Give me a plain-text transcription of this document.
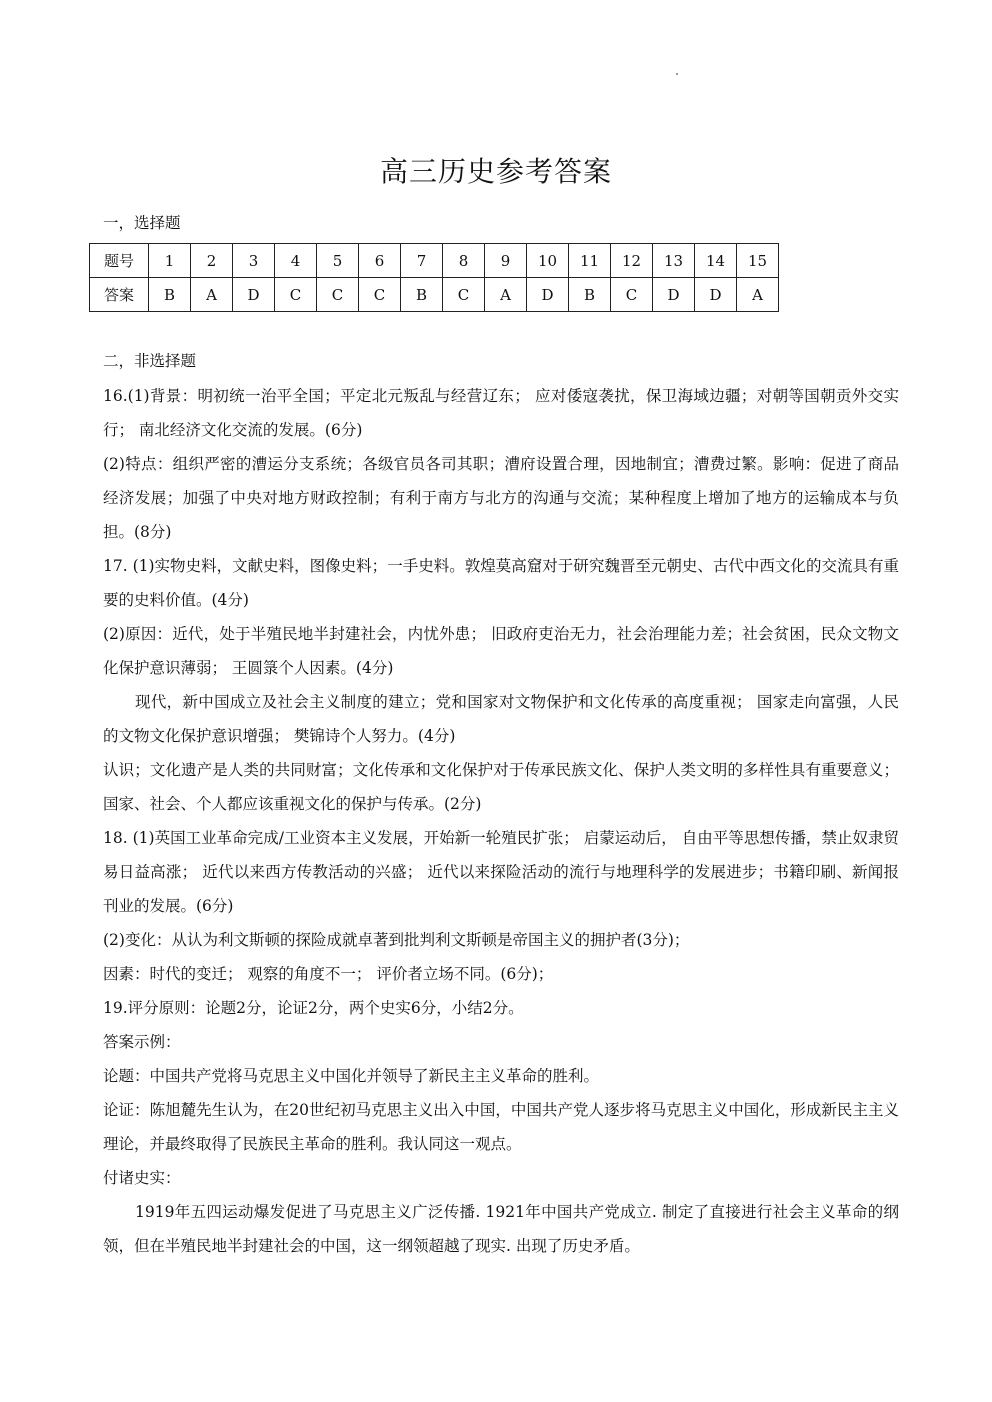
高三历史参考答案
一，选择题
题号	1	2	3	4	5	6	7	8	9	10	11	12	13	14	15
答案	B	A	D	C	C	C	B	C	A	D	B	C	D	D	A
二，非选择题

16.(1)背景：明初统一治平全国；平定北元叛乱与经营辽东； 应对倭寇袭扰，保卫海域边疆；对朝等国朝贡外交实行； 南北经济文化交流的发展。(6分)

(2)特点：组织严密的漕运分支系统；各级官员各司其职；漕府设置合理，因地制宜；漕费过繁。影响：促进了商品经济发展；加强了中央对地方财政控制；有利于南方与北方的沟通与交流；某种程度上增加了地方的运输成本与负担。(8分)

17. (1)实物史料，文献史料，图像史料；一手史料。敦煌莫高窟对于研究魏晋至元朝史、古代中西文化的交流具有重要的史料价值。(4分)

(2)原因：近代，处于半殖民地半封建社会，内忧外患； 旧政府吏治无力，社会治理能力差；社会贫困，民众文物文化保护意识薄弱； 王圆箓个人因素。(4分)

现代，新中国成立及社会主义制度的建立；党和国家对文物保护和文化传承的高度重视； 国家走向富强，人民的文物文化保护意识增强； 樊锦诗个人努力。(4分)

认识；文化遗产是人类的共同财富；文化传承和文化保护对于传承民族文化、保护人类文明的多样性具有重要意义；国家、社会、个人都应该重视文化的保护与传承。(2分)

18. (1)英国工业革命完成/工业资本主义发展，开始新一轮殖民扩张； 启蒙运动后， 自由平等思想传播，禁止奴隶贸易日益高涨； 近代以来西方传教活动的兴盛； 近代以来探险活动的流行与地理科学的发展进步；书籍印刷、新闻报刊业的发展。(6分)

(2)变化：从认为利文斯顿的探险成就卓著到批判利文斯顿是帝国主义的拥护者(3分)；

因素：时代的变迁； 观察的角度不一； 评价者立场不同。(6分)；

19.评分原则：论题2分，论证2分，两个史实6分，小结2分。

答案示例：

论题：中国共产党将马克思主义中国化并领导了新民主主义革命的胜利。

论证：陈旭麓先生认为，在20世纪初马克思主义出入中国，中国共产党人逐步将马克思主义中国化，形成新民主主义理论，并最终取得了民族民主革命的胜利。我认同这一观点。

付诸史实：

1919年五四运动爆发促进了马克思主义广泛传播. 1921年中国共产党成立. 制定了直接进行社会主义革命的纲领，但在半殖民地半封建社会的中国，这一纲领超越了现实. 出现了历史矛盾。
